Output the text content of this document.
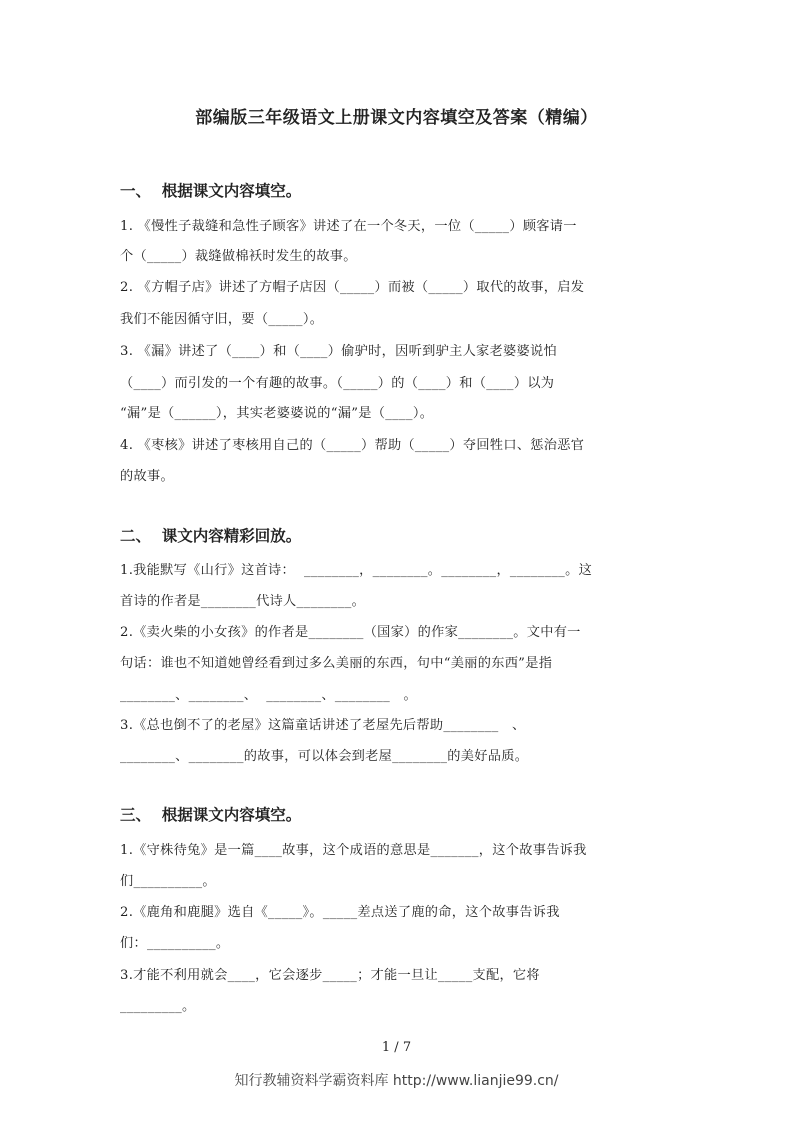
部编版三年级语文上册课文内容填空及答案（精编）
一、  根据课文内容填空。
1. 《慢性子裁缝和急性子顾客》讲述了在一个冬天，一位（_____）顾客请一
个（_____）裁缝做棉袄时发生的故事。
2. 《方帽子店》讲述了方帽子店因（_____）而被（_____）取代的故事，启发
我们不能因循守旧，要（_____）。
3. 《漏》讲述了（____）和（____）偷驴时，因听到驴主人家老婆婆说怕
（____）而引发的一个有趣的故事。（_____）的（____）和（____）以为
“漏”是（______），其实老婆婆说的“漏”是（____）。
4. 《枣核》讲述了枣核用自己的（_____）帮助（_____）夺回牲口、惩治恶官
的故事。
二、  课文内容精彩回放。
1.我能默写《山行》这首诗：  ________，________。________，________。这
首诗的作者是________代诗人________。
2.《卖火柴的小女孩》的作者是________（国家）的作家________。文中有一
句话：谁也不知道她曾经看到过多么美丽的东西，句中“美丽的东西”是指
________、________、  ________、________   。
3.《总也倒不了的老屋》这篇童话讲述了老屋先后帮助________   、
________、________的故事，可以体会到老屋________的美好品质。
三、  根据课文内容填空。
1.《守株待兔》是一篇____故事，这个成语的意思是_______，这个故事告诉我
们__________。
2.《鹿角和鹿腿》选自《_____》。_____差点送了鹿的命，这个故事告诉我
们：__________。
3.才能不利用就会____，它会逐步_____；才能一旦让_____支配，它将
_________。
1 / 7
知行教辅资料学霸资料库 http://www.lianjie99.cn/
